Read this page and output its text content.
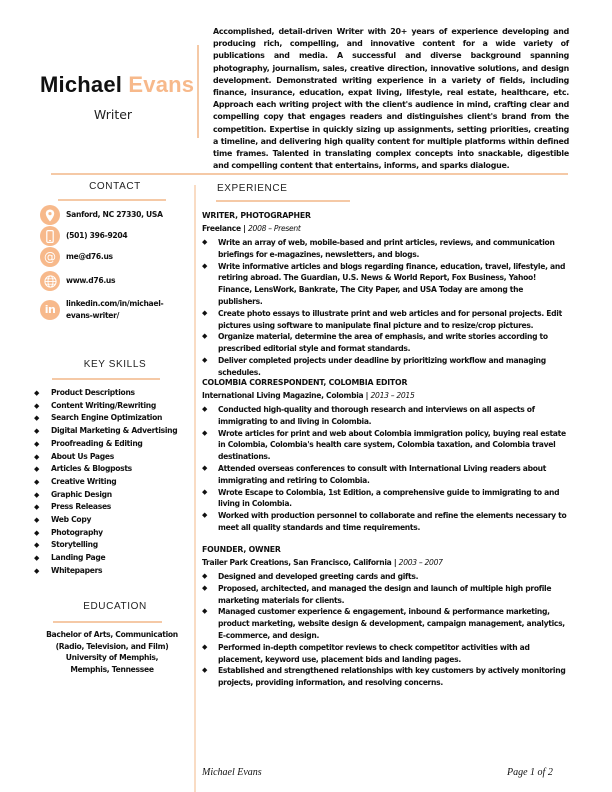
Michael Evans
Writer
Accomplished, detail-driven Writer with 20+ years of experience developing and producing rich, compelling, and innovative content for a wide variety of publications and media. A successful and diverse background spanning photography, journalism, sales, creative direction, innovative solutions, and design development. Demonstrated writing experience in a variety of fields, including finance, insurance, education, expat living, lifestyle, real estate, healthcare, etc. Approach each writing project with the client's audience in mind, crafting clear and compelling copy that engages readers and distinguishes client's brand from the competition. Expertise in quickly sizing up assignments, setting priorities, creating a timeline, and delivering high quality content for multiple platforms within defined time frames. Talented in translating complex concepts into snackable, digestible and compelling content that entertains, informs, and sparks dialogue.
CONTACT
Sanford, NC 27330, USA
(501) 396-9204
@ me@d76.us
www.d76.us
in linkedin.com/in/michael-
evans-writer/
KEY SKILLS
◆ Product Descriptions
◆ Content Writing/Rewriting
◆ Search Engine Optimization
◆ Digital Marketing & Advertising
◆ Proofreading & Editing
◆ About Us Pages
◆ Articles & Blogposts
◆ Creative Writing
◆ Graphic Design
◆ Press Releases
◆ Web Copy
◆ Photography
◆ Storytelling
◆ Landing Page
◆ Whitepapers
EDUCATION
Bachelor of Arts, Communication
(Radio, Television, and Film)
University of Memphis,
Memphis, Tennessee
EXPERIENCE
WRITER, PHOTOGRAPHER
Freelance | 2008 – Present
◆ Write an array of web, mobile-based and print articles, reviews, and communication briefings for e-magazines, newsletters, and blogs.
◆ Write informative articles and blogs regarding finance, education, travel, lifestyle, and retiring abroad. The Guardian, U.S. News & World Report, Fox Business, Yahoo! Finance, LensWork, Bankrate, The City Paper, and USA Today are among the publishers.
◆ Create photo essays to illustrate print and web articles and for personal projects. Edit pictures using software to manipulate final picture and to resize/crop pictures.
◆ Organize material, determine the area of emphasis, and write stories according to prescribed editorial style and format standards.
◆ Deliver completed projects under deadline by prioritizing workflow and managing schedules.
COLOMBIA CORRESPONDENT, COLOMBIA EDITOR
International Living Magazine, Colombia | 2013 – 2015
◆ Conducted high-quality and thorough research and interviews on all aspects of immigrating to and living in Colombia.
◆ Wrote articles for print and web about Colombia immigration policy, buying real estate in Colombia, Colombia's health care system, Colombia taxation, and Colombia travel destinations.
◆ Attended overseas conferences to consult with International Living readers about immigrating and retiring to Colombia.
◆ Wrote Escape to Colombia, 1st Edition, a comprehensive guide to immigrating to and living in Colombia.
◆ Worked with production personnel to collaborate and refine the elements necessary to meet all quality standards and time requirements.
FOUNDER, OWNER
Trailer Park Creations, San Francisco, California | 2003 – 2007
◆ Designed and developed greeting cards and gifts.
◆ Proposed, architected, and managed the design and launch of multiple high profile marketing materials for clients.
◆ Managed customer experience & engagement, inbound & performance marketing, product marketing, website design & development, campaign management, analytics, E-commerce, and design.
◆ Performed in-depth competitor reviews to check competitor activities with ad placement, keyword use, placement bids and landing pages.
◆ Established and strengthened relationships with key customers by actively monitoring projects, providing information, and resolving concerns.
Michael Evans	Page 1 of 2
